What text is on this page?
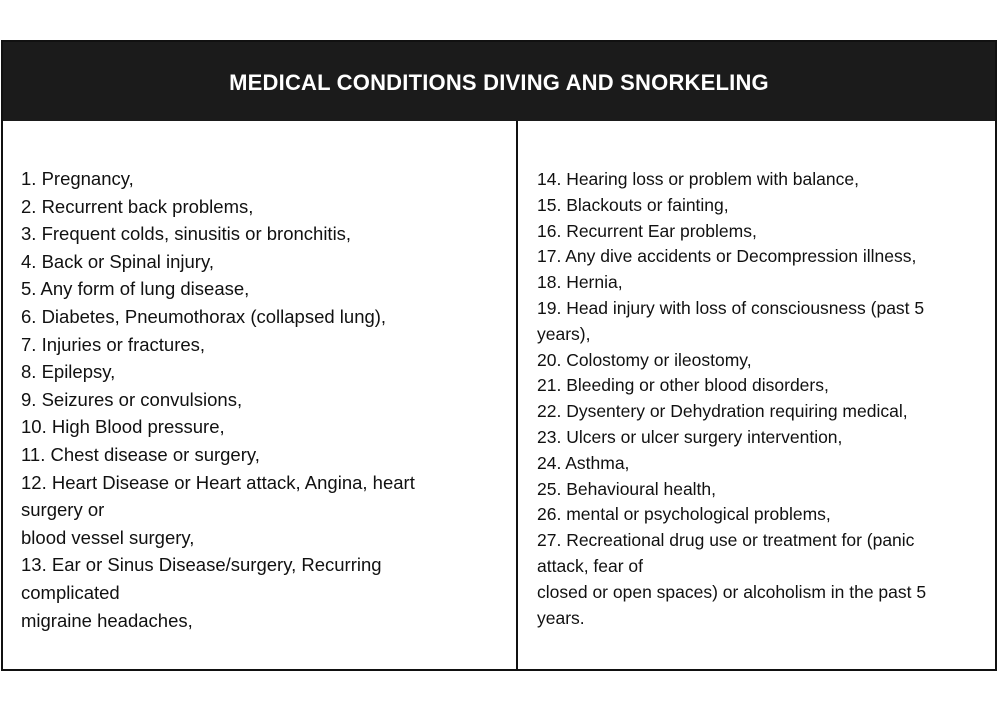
MEDICAL CONDITIONS DIVING AND SNORKELING
1. Pregnancy,
2. Recurrent back problems,
3. Frequent colds, sinusitis or bronchitis,
4. Back or Spinal injury,
5. Any form of lung disease,
6. Diabetes, Pneumothorax (collapsed lung),
7. Injuries or fractures,
8. Epilepsy,
9. Seizures or convulsions,
10. High Blood pressure,
11. Chest disease or surgery,
12. Heart Disease or Heart attack, Angina, heart
surgery or
blood vessel surgery,
13. Ear or Sinus Disease/surgery, Recurring
complicated
migraine headaches,
14. Hearing loss or problem with balance,
15. Blackouts or fainting,
16. Recurrent Ear problems,
17. Any dive accidents or Decompression illness,
18. Hernia,
19. Head injury with loss of consciousness (past 5
years),
20. Colostomy or ileostomy,
21. Bleeding or other blood disorders,
22. Dysentery or Dehydration requiring medical,
23. Ulcers or ulcer surgery intervention,
24. Asthma,
25. Behavioural health,
26. mental or psychological problems,
27. Recreational drug use or treatment for (panic
attack, fear of
closed or open spaces) or alcoholism in the past 5
years.
